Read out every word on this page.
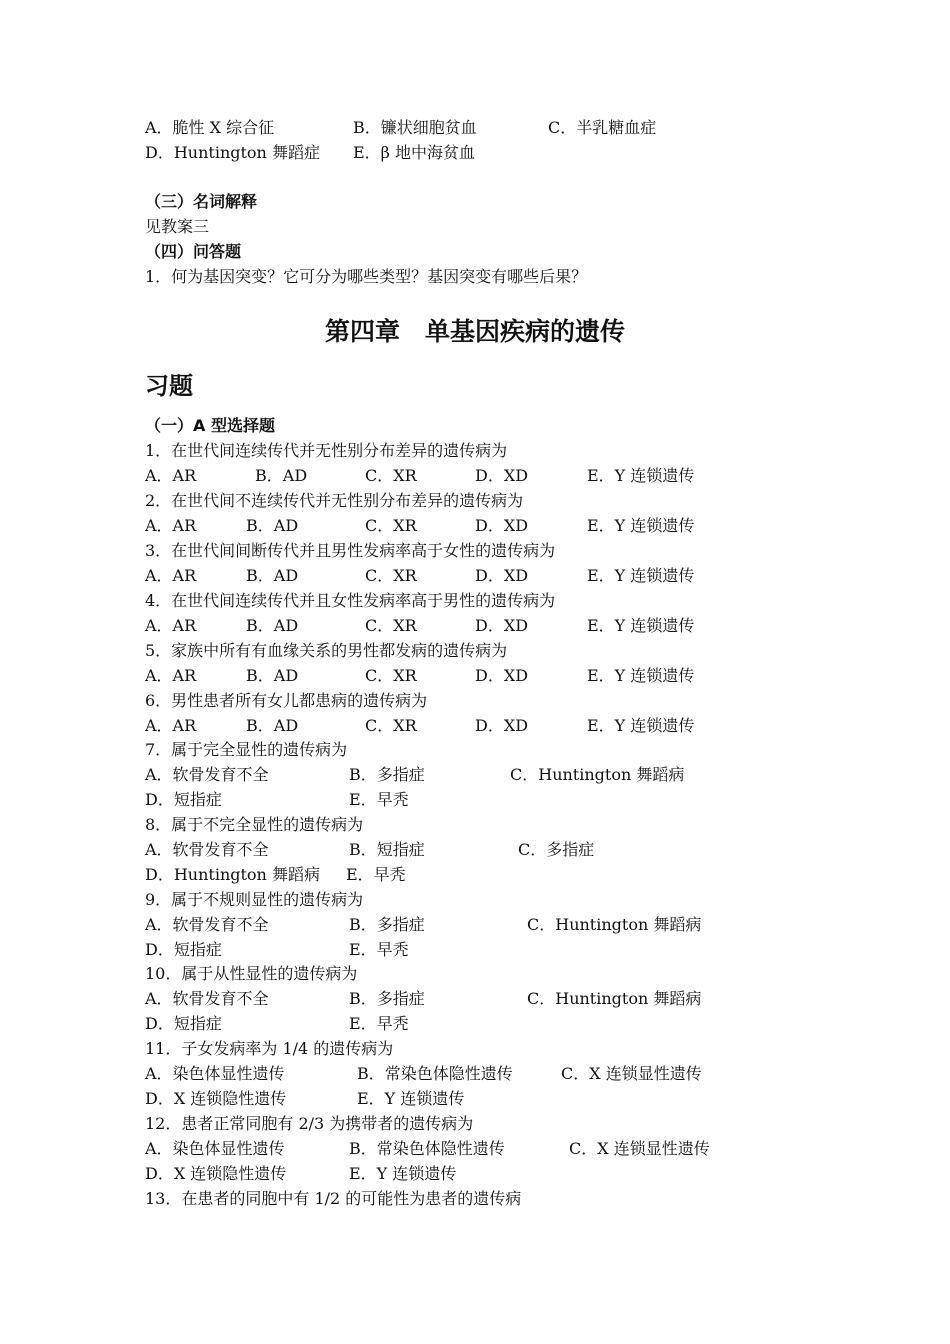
A．脆性 X 综合征	B．镰状细胞贫血	C．半乳糖血症
D．Huntington 舞蹈症 E．β 地中海贫血
（三）名词解释
见教案三
（四）问答题
1．何为基因突变？它可分为哪些类型？基因突变有哪些后果？
第四章　单基因疾病的遗传
习题
（一）A 型选择题
1．在世代间连续传代并无性别分布差异的遗传病为
A．AR	B．AD	C．XR	D．XD	E．Y 连锁遗传
2．在世代间不连续传代并无性别分布差异的遗传病为
A．AR	B．AD	C．XR	D．XD	E．Y 连锁遗传
3．在世代间间断传代并且男性发病率高于女性的遗传病为
A．AR	B．AD	C．XR	D．XD	E．Y 连锁遗传
4．在世代间连续传代并且女性发病率高于男性的遗传病为
A．AR	B．AD	C．XR	D．XD	E．Y 连锁遗传
5．家族中所有有血缘关系的男性都发病的遗传病为
A．AR	B．AD	C．XR	D．XD	E．Y 连锁遗传
6．男性患者所有女儿都患病的遗传病为
A．AR	B．AD	C．XR	D．XD	E．Y 连锁遗传
7．属于完全显性的遗传病为
A．软骨发育不全	B．多指症	C．Huntington 舞蹈病
D．短指症	E．早秃
8．属于不完全显性的遗传病为
A．软骨发育不全	B．短指症	C．多指症
D．Huntington 舞蹈病 E．早秃
9．属于不规则显性的遗传病为
A．软骨发育不全	B．多指症	C．Huntington 舞蹈病
D．短指症	E．早秃
10．属于从性显性的遗传病为
A．软骨发育不全	B．多指症	C．Huntington 舞蹈病
D．短指症	E．早秃
11．子女发病率为 1/4 的遗传病为
A．染色体显性遗传	B．常染色体隐性遗传	C．X 连锁显性遗传
D．X 连锁隐性遗传	E．Y 连锁遗传
12．患者正常同胞有 2/3 为携带者的遗传病为
A．染色体显性遗传	B．常染色体隐性遗传	C．X 连锁显性遗传
D．X 连锁隐性遗传	E．Y 连锁遗传
13．在患者的同胞中有 1/2 的可能性为患者的遗传病
